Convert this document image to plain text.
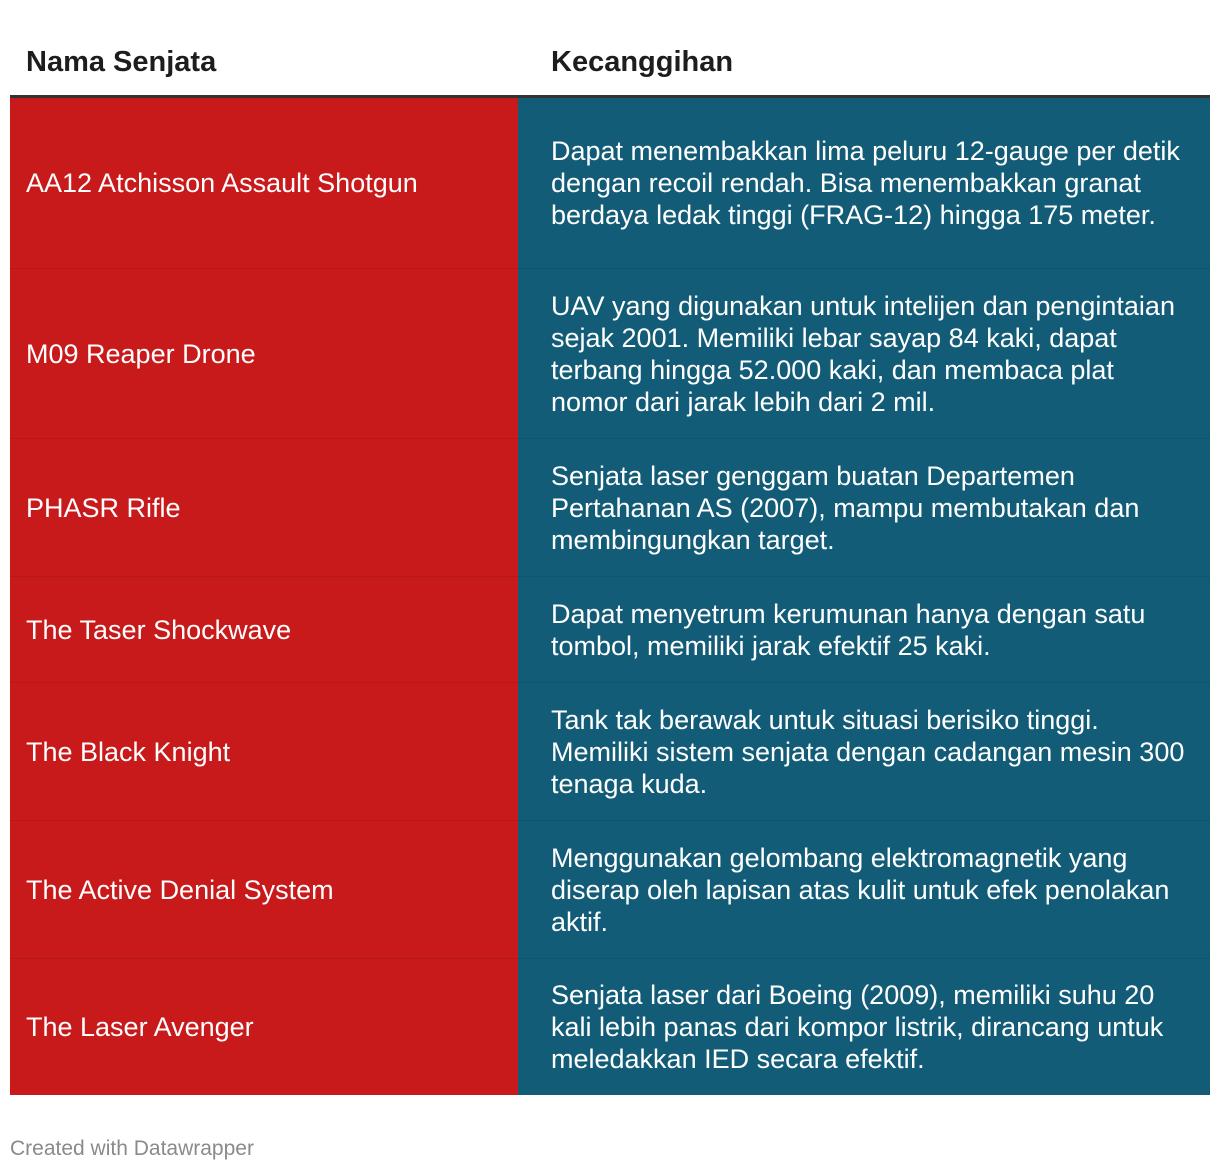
Nama Senjata	Kecanggihan
AA12 Atchisson Assault Shotgun
Dapat menembakkan lima peluru 12-gauge per detik dengan recoil rendah. Bisa menembakkan granat berdaya ledak tinggi (FRAG-12) hingga 175 meter.
M09 Reaper Drone
UAV yang digunakan untuk intelijen dan pengintaian sejak 2001. Memiliki lebar sayap 84 kaki, dapat terbang hingga 52.000 kaki, dan membaca plat nomor dari jarak lebih dari 2 mil.
PHASR Rifle
Senjata laser genggam buatan Departemen Pertahanan AS (2007), mampu membutakan dan membingungkan target.
The Taser Shockwave
Dapat menyetrum kerumunan hanya dengan satu tombol, memiliki jarak efektif 25 kaki.
The Black Knight
Tank tak berawak untuk situasi berisiko tinggi. Memiliki sistem senjata dengan cadangan mesin 300 tenaga kuda.
The Active Denial System
Menggunakan gelombang elektromagnetik yang diserap oleh lapisan atas kulit untuk efek penolakan aktif.
The Laser Avenger
Senjata laser dari Boeing (2009), memiliki suhu 20 kali lebih panas dari kompor listrik, dirancang untuk meledakkan IED secara efektif.
Created with Datawrapper
